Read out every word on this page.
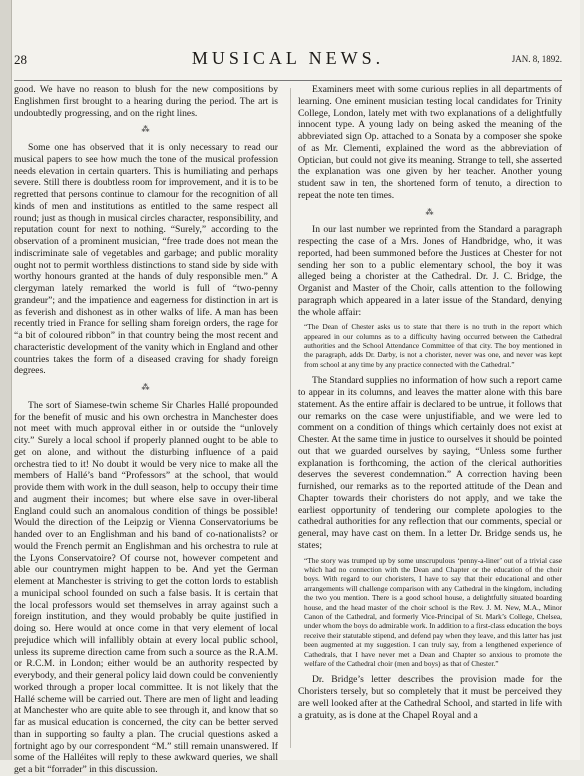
28	MUSICAL NEWS.	JAN. 8, 1892.

good. We have no reason to blush for the new compositions by Englishmen first brought to a hearing during the period. The art is undoubtedly progressing, and on the right lines.

⁂

Some one has observed that it is only necessary to read our musical papers to see how much the tone of the musical profession needs elevation in certain quarters. This is humiliating and perhaps severe. Still there is doubtless room for improvement, and it is to be regretted that persons continue to clamour for the recognition of all kinds of men and institutions as entitled to the same respect all round; just as though in musical circles character, responsibility, and reputation count for next to nothing. “Surely,” according to the observation of a prominent musician, “free trade does not mean the indiscriminate sale of vegetables and garbage; and public morality ought not to permit worthless distinctions to stand side by side with worthy honours granted at the hands of duly responsible men.” A clergyman lately remarked the world is full of “two-penny grandeur”; and the impatience and eagerness for distinction in art is as feverish and dishonest as in other walks of life. A man has been recently tried in France for selling sham foreign orders, the rage for “a bit of coloured ribbon” in that country being the most recent and characteristic development of the vanity which in England and other countries takes the form of a diseased craving for shady foreign degrees.

⁂

The sort of Siamese-twin scheme Sir Charles Hallé propounded for the benefit of music and his own orchestra in Manchester does not meet with much approval either in or outside the “unlovely city.” Surely a local school if properly planned ought to be able to get on alone, and without the disturbing influence of a paid orchestra tied to it! No doubt it would be very nice to make all the members of Hallé’s band “Professors” at the school, that would provide them with work in the dull season, help to occupy their time and augment their incomes; but where else save in over-liberal England could such an anomalous condition of things be possible! Would the direction of the Leipzig or Vienna Conservatoriums be handed over to an Englishman and his band of co-nationalists? or would the French permit an Englishman and his orchestra to rule at the Lyons Conservatoire? Of course not, however competent and able our countrymen might happen to be. And yet the German element at Manchester is striving to get the cotton lords to establish a municipal school founded on such a false basis. It is certain that the local professors would set themselves in array against such a foreign institution, and they would probably be quite justified in doing so. Here would at once come in that very element of local prejudice which will infallibly obtain at every local public school, unless its supreme direction came from such a source as the R.A.M. or R.C.M. in London; either would be an authority respected by everybody, and their general policy laid down could be conveniently worked through a proper local committee. It is not likely that the Hallé scheme will be carried out. There are men of light and leading at Manchester who are quite able to see through it, and know that so far as musical education is concerned, the city can be better served than in supporting so faulty a plan. The crucial questions asked a fortnight ago by our correspondent “M.” still remain unanswered. If some of the Halléites will reply to these awkward queries, we shall get a bit “forrader” in this discussion.

Examiners meet with some curious replies in all departments of learning. One eminent musician testing local candidates for Trinity College, London, lately met with two explanations of a delightfully innocent type. A young lady on being asked the meaning of the abbreviated sign Op. attached to a Sonata by a composer she spoke of as Mr. Clementi, explained the word as the abbreviation of Optician, but could not give its meaning. Strange to tell, she asserted the explanation was one given by her teacher. Another young student saw in ten, the shortened form of tenuto, a direction to repeat the note ten times.

⁂

In our last number we reprinted from the Standard a paragraph respecting the case of a Mrs. Jones of Handbridge, who, it was reported, had been summoned before the Justices at Chester for not sending her son to a public elementary school, the boy it was alleged being a chorister at the Cathedral. Dr. J. C. Bridge, the Organist and Master of the Choir, calls attention to the following paragraph which appeared in a later issue of the Standard, denying the whole affair:

“The Dean of Chester asks us to state that there is no truth in the report which appeared in our columns as to a difficulty having occurred between the Cathedral authorities and the School Attendance Committee of that city. The boy mentioned in the paragraph, adds Dr. Darby, is not a chorister, never was one, and never was kept from school at any time by any practice connected with the Cathedral.”

The Standard supplies no information of how such a report came to appear in its columns, and leaves the matter alone with this bare statement. As the entire affair is declared to be untrue, it follows that our remarks on the case were unjustifiable, and we were led to comment on a condition of things which certainly does not exist at Chester. At the same time in justice to ourselves it should be pointed out that we guarded ourselves by saying, “Unless some further explanation is forthcoming, the action of the clerical authorities deserves the severest condemnation.” A correction having been furnished, our remarks as to the reported attitude of the Dean and Chapter towards their choristers do not apply, and we take the earliest opportunity of tendering our complete apologies to the cathedral authorities for any reflection that our comments, special or general, may have cast on them. In a letter Dr. Bridge sends us, he states;

“The story was trumped up by some unscrupulous ‘penny-a-liner’ out of a trivial case which had no connection with the Dean and Chapter or the education of the choir boys. With regard to our choristers, I have to say that their educational and other arrangements will challenge comparison with any Cathedral in the kingdom, including the two you mention. There is a good school house, a delightfully situated boarding house, and the head master of the choir school is the Rev. J. M. New, M.A., Minor Canon of the Cathedral, and formerly Vice-Principal of St. Mark’s College, Chelsea, under whom the boys do admirable work. In addition to a first-class education the boys receive their statutable stipend, and defend pay when they leave, and this latter has just been augmented at my suggestion. I can truly say, from a lengthened experience of Cathedrals, that I have never met a Dean and Chapter so anxious to promote the welfare of the Cathedral choir (men and boys) as that of Chester.”

Dr. Bridge’s letter describes the provision made for the Choristers tersely, but so completely that it must be perceived they are well looked after at the Cathedral School, and started in life with a gratuity, as is done at the Chapel Royal and a
